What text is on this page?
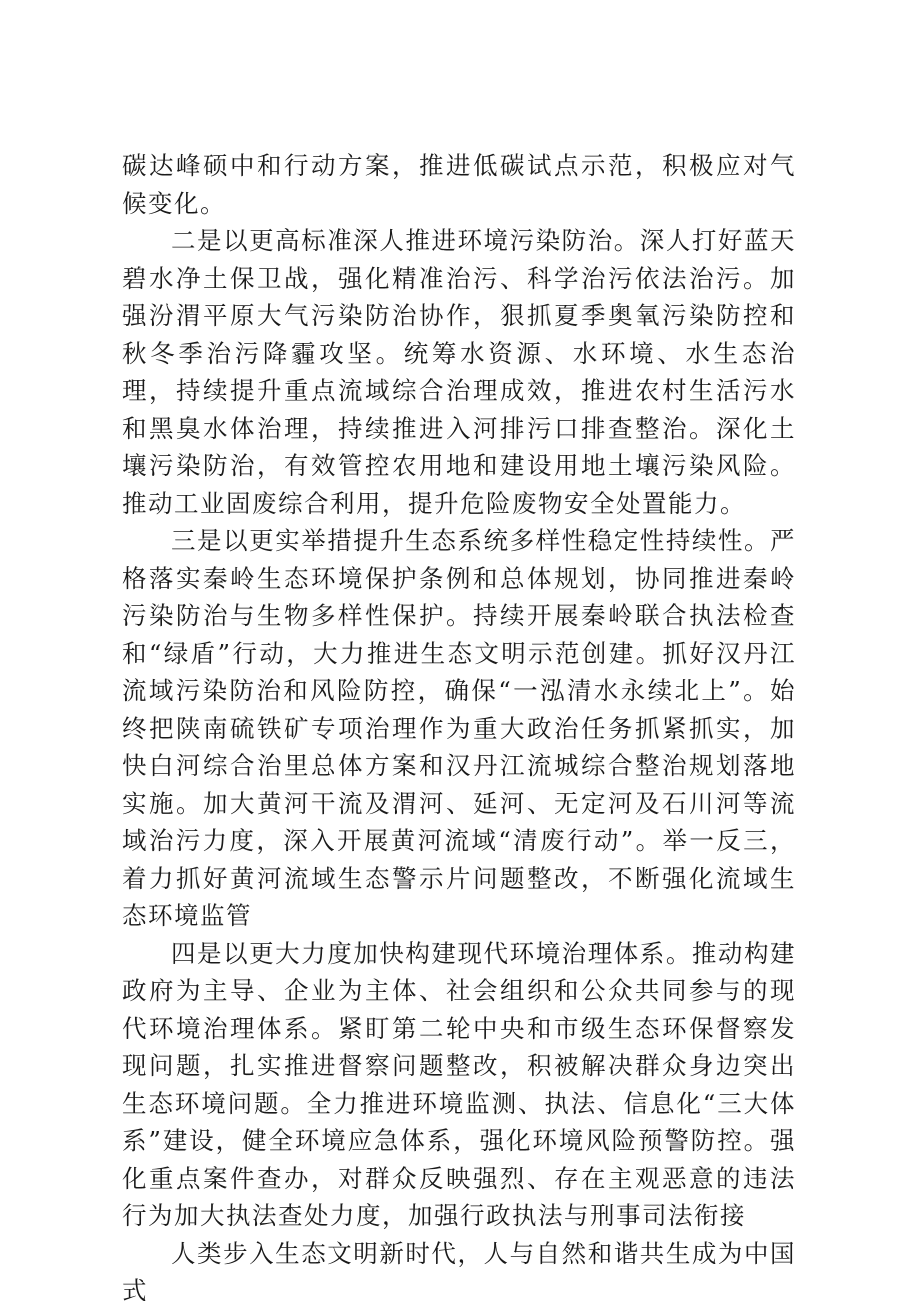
碳达峰硕中和行动方案，推进低碳试点示范，积极应对气候变化。

二是以更高标准深人推进环境污染防治。深人打好蓝天碧水净土保卫战，强化精准治污、科学治污依法治污。加强汾渭平原大气污染防治协作，狠抓夏季奥氧污染防控和秋冬季治污降霾攻坚。统筹水资源、水环境、水生态治理，持续提升重点流域综合治理成效，推进农村生活污水和黑臭水体治理，持续推进入河排污口排查整治。深化土壤污染防治，有效管控农用地和建设用地土壤污染风险。推动工业固废综合利用，提升危险废物安全处置能力。

三是以更实举措提升生态系统多样性稳定性持续性。严格落实秦岭生态环境保护条例和总体规划，协同推进秦岭污染防治与生物多样性保护。持续开展秦岭联合执法检查和“绿盾”行动，大力推进生态文明示范创建。抓好汉丹江流域污染防治和风险防控，确保“一泓清水永续北上”。始终把陕南硫铁矿专项治理作为重大政治任务抓紧抓实，加快白河综合治里总体方案和汉丹江流城综合整治规划落地实施。加大黄河干流及渭河、延河、无定河及石川河等流域治污力度，深入开展黄河流域“清废行动”。举一反三，着力抓好黄河流域生态警示片问题整改，不断强化流域生态环境监管

四是以更大力度加快构建现代环境治理体系。推动构建政府为主导、企业为主体、社会组织和公众共同参与的现代环境治理体系。紧盯第二轮中央和市级生态环保督察发现问题，扎实推进督察问题整改，积被解决群众身边突出生态环境问题。全力推进环境监测、执法、信息化“三大体系”建设，健全环境应急体系，强化环境风险预警防控。强化重点案件查办，对群众反映强烈、存在主观恶意的违法行为加大执法查处力度，加强行政执法与刑事司法衔接

人类步入生态文明新时代，人与自然和谐共生成为中国式
